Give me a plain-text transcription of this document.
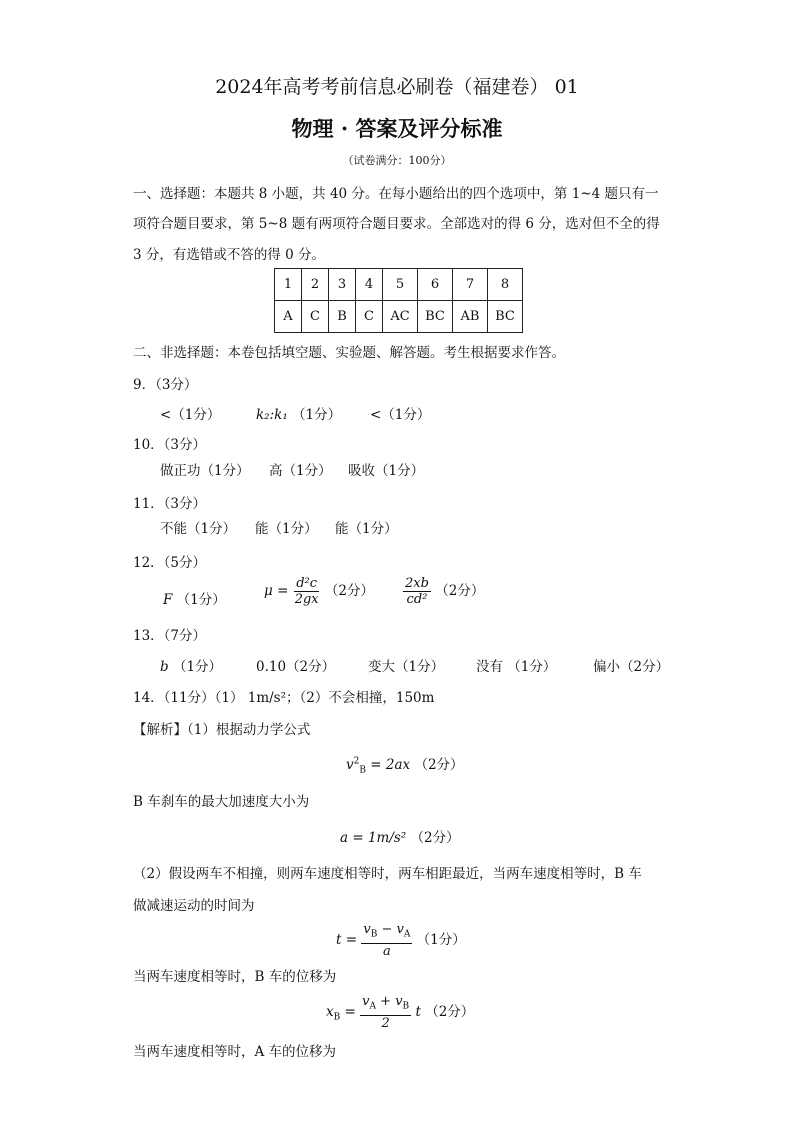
2024年高考考前信息必刷卷（福建卷） 01
物理 · 答案及评分标准
（试卷满分：100分）
一、选择题：本题共 8 小题，共 40 分。在每小题给出的四个选项中，第 1~4 题只有一
项符合题目要求，第 5~8 题有两项符合题目要求。全部选对的得 6 分，选对但不全的得
3 分，有选错或不答的得 0 分。
1	2	3	4	5	6	7	8
A	C	B	C	AC	BC	AB	BC
二、非选择题：本卷包括填空题、实验题、解答题。考生根据要求作答。
9．（3分）
<（1分）	k₂:k₁ （1分） <（1分）
10．（3分）
做正功（1分） 高（1分） 吸收（1分）
11．（3分）
不能（1分） 能（1分） 能（1分）
12．（5分）
F （1分）
$\mu = \frac{\text{d²c}}{2gx} (2$分） $\frac{2xb}{\text{cd²}} (2$分）
13．（7分）
b （1分）	0.10（2分） 变大（1分） 没有 （1分）	偏小（2分）
14．（11分）（1） 1m/s²；（2）不会相撞，150m
【解析】（1）根据动力学公式
$v^2_B = 2ax$ （2分）
B 车刹车的最大加速度大小为
a = 1m/s² （2分）
（2）假设两车不相撞，则两车速度相等时，两车相距最近，当两车速度相等时，B 车
做减速运动的时间为
$t = \frac{v_B - v_A}{a} (1$分）
当两车速度相等时，B 车的位移为
$x_B = \frac{v_A + v_B}{2}$ t （2分）
当两车速度相等时，A 车的位移为
